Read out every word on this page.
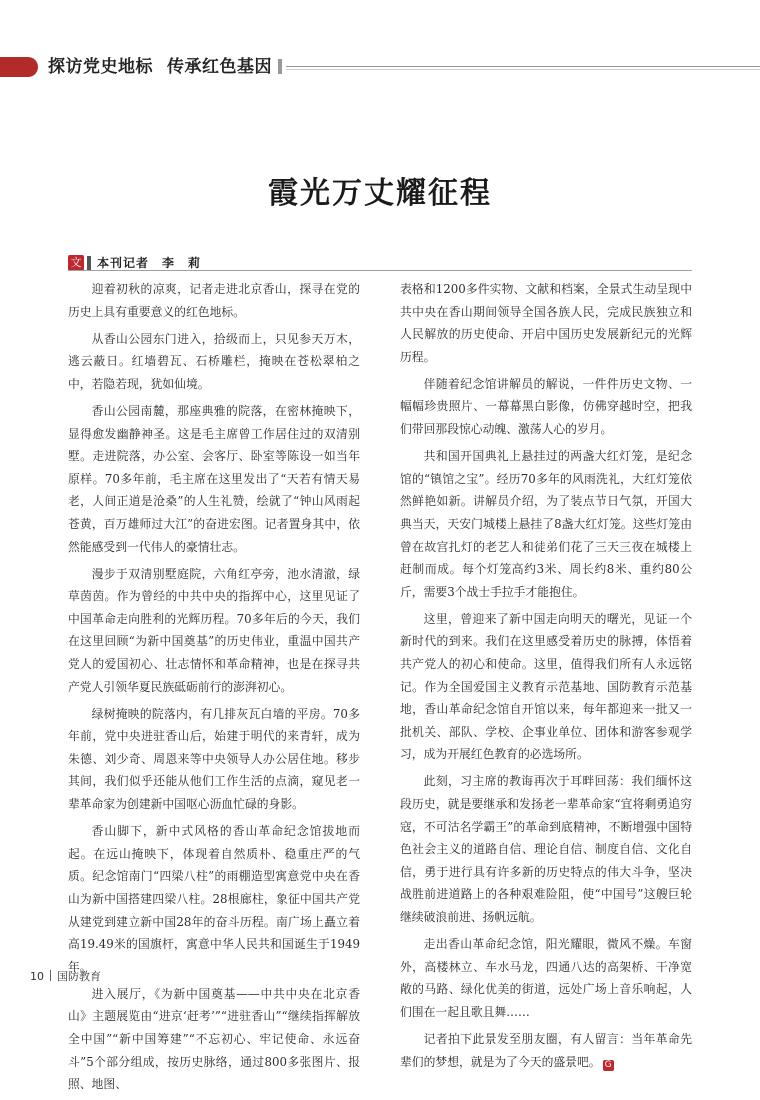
探访党史地标 传承红色基因
霞光万丈耀征程
文 本刊记者　李　莉

迎着初秋的凉爽，记者走进北京香山，探寻在党的历史上具有重要意义的红色地标。

从香山公园东门进入，拾级而上，只见参天万木，逃云蔽日。红墙碧瓦、石桥雕栏，掩映在苍松翠柏之中，若隐若现，犹如仙境。

香山公园南麓，那座典雅的院落，在密林掩映下，显得愈发幽静神圣。这是毛主席曾工作居住过的双清别墅。走进院落，办公室、会客厅、卧室等陈设一如当年原样。70多年前，毛主席在这里发出了“天若有情天易老，人间正道是沧桑”的人生礼赞，绘就了“钟山风雨起苍黄，百万雄师过大江”的奋进宏图。记者置身其中，依然能感受到一代伟人的豪情壮志。

漫步于双清别墅庭院，六角红亭旁，池水清澈，绿草茵茵。作为曾经的中共中央的指挥中心，这里见证了中国革命走向胜利的光辉历程。70多年后的今天，我们在这里回顾“为新中国奠基”的历史伟业，重温中国共产党人的爱国初心、壮志情怀和革命精神，也是在探寻共产党人引领华夏民族砥砺前行的澎湃初心。

绿树掩映的院落内，有几排灰瓦白墙的平房。70多年前，党中央进驻香山后，始建于明代的来青轩，成为朱德、刘少奇、周恩来等中央领导人办公居住地。移步其间，我们似乎还能从他们工作生活的点滴，窥见老一辈革命家为创建新中国呕心沥血忙碌的身影。

香山脚下，新中式风格的香山革命纪念馆拔地而起。在远山掩映下，体现着自然质朴、稳重庄严的气质。纪念馆南门“四梁八柱”的雨棚造型寓意党中央在香山为新中国搭建四梁八柱。28根廊柱，象征中国共产党从建党到建立新中国28年的奋斗历程。南广场上矗立着高19.49米的国旗杆，寓意中华人民共和国诞生于1949年。

进入展厅，《为新中国奠基——中共中央在北京香山》主题展览由“进京‘赶考’”“进驻香山”“继续指挥解放全中国”“新中国筹建”“不忘初心、牢记使命、永远奋斗”5个部分组成，按历史脉络，通过800多张图片、报照、地图、

表格和1200多件实物、文献和档案，全景式生动呈现中共中央在香山期间领导全国各族人民，完成民族独立和人民解放的历史使命、开启中国历史发展新纪元的光辉历程。

伴随着纪念馆讲解员的解说，一件件历史文物、一幅幅珍贵照片、一幕幕黑白影像，仿佛穿越时空，把我们带回那段惊心动魄、激荡人心的岁月。

共和国开国典礼上悬挂过的两盏大红灯笼，是纪念馆的“镇馆之宝”。经历70多年的风雨洗礼，大红灯笼依然鲜艳如新。讲解员介绍，为了装点节日气氛，开国大典当天，天安门城楼上悬挂了8盏大红灯笼。这些灯笼由曾在故宫扎灯的老艺人和徒弟们花了三天三夜在城楼上赶制而成。每个灯笼高约3米、周长约8米、重约80公斤，需要3个战士手拉手才能抱住。

这里，曾迎来了新中国走向明天的曙光，见证一个新时代的到来。我们在这里感受着历史的脉搏，体悟着共产党人的初心和使命。这里，值得我们所有人永远铭记。作为全国爱国主义教育示范基地、国防教育示范基地，香山革命纪念馆自开馆以来，每年都迎来一批又一批机关、部队、学校、企事业单位、团体和游客参观学习，成为开展红色教育的必选场所。

此刻，习主席的教诲再次于耳畔回荡：我们缅怀这段历史，就是要继承和发扬老一辈革命家“宜将剩勇追穷寇，不可沽名学霸王”的革命到底精神，不断增强中国特色社会主义的道路自信、理论自信、制度自信、文化自信，勇于进行具有许多新的历史特点的伟大斗争，坚决战胜前进道路上的各种艰难险阻，使“中国号”这艘巨轮继续破浪前进、扬帆远航。

走出香山革命纪念馆，阳光耀眼，微风不燥。车窗外，高楼林立、车水马龙，四通八达的高架桥、干净宽敞的马路、绿化优美的街道，远处广场上音乐响起，人们围在一起且歌且舞……

记者拍下此景发至朋友圈，有人留言：当年革命先辈们的梦想，就是为了今天的盛景吧。 G

10 国防教育
